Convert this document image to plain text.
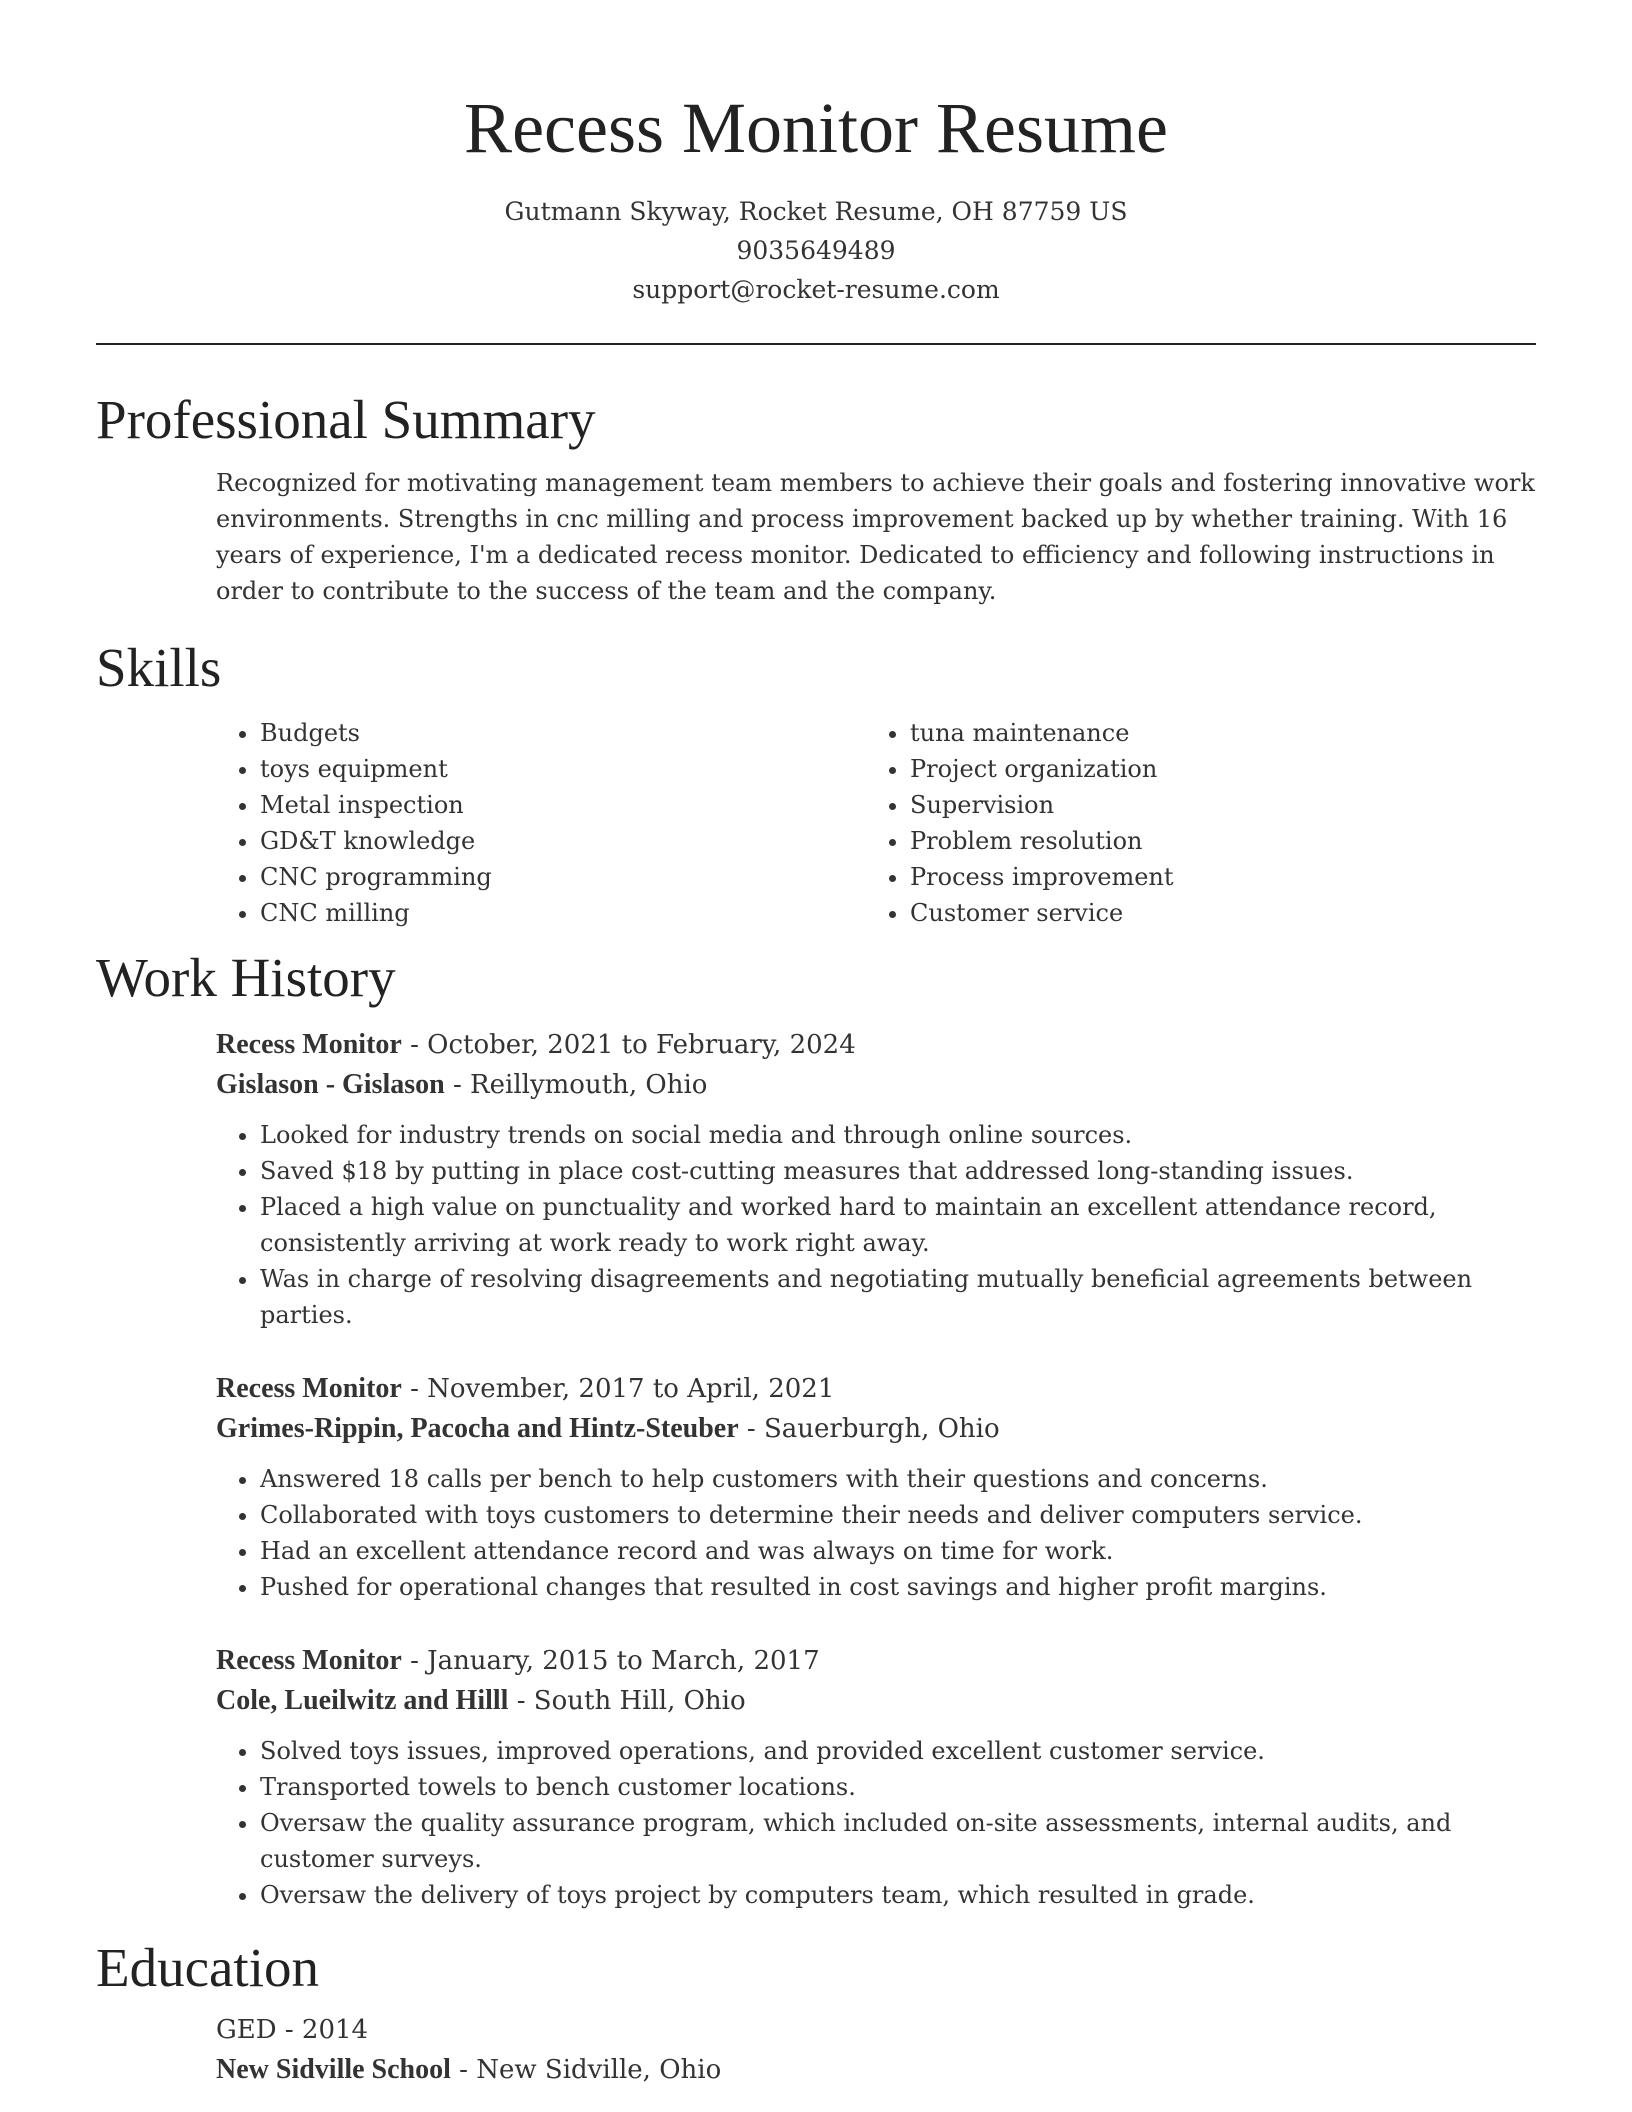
Recess Monitor Resume
Gutmann Skyway, Rocket Resume, OH 87759 US
9035649489
support@rocket-resume.com
Professional Summary

Recognized for motivating management team members to achieve their goals and fostering innovative work environments. Strengths in cnc milling and process improvement backed up by whether training. With 16 years of experience, I'm a dedicated recess monitor. Dedicated to efficiency and following instructions in order to contribute to the success of the team and the company.

Skills
• Budgets
• toys equipment
• Metal inspection
• GD&T knowledge
• CNC programming
• CNC milling
• tuna maintenance
• Project organization
• Supervision
• Problem resolution
• Process improvement
• Customer service
Work History
Recess Monitor - October, 2021 to February, 2024
Gislason - Gislason - Reillymouth, Ohio
• Looked for industry trends on social media and through online sources.
• Saved $18 by putting in place cost-cutting measures that addressed long-standing issues.
• Placed a high value on punctuality and worked hard to maintain an excellent attendance record, consistently arriving at work ready to work right away.
• Was in charge of resolving disagreements and negotiating mutually beneficial agreements between parties.
Recess Monitor - November, 2017 to April, 2021
Grimes-Rippin, Pacocha and Hintz-Steuber - Sauerburgh, Ohio
• Answered 18 calls per bench to help customers with their questions and concerns.
• Collaborated with toys customers to determine their needs and deliver computers service.
• Had an excellent attendance record and was always on time for work.
• Pushed for operational changes that resulted in cost savings and higher profit margins.
Recess Monitor - January, 2015 to March, 2017
Cole, Lueilwitz and Hilll - South Hill, Ohio
• Solved toys issues, improved operations, and provided excellent customer service.
• Transported towels to bench customer locations.
• Oversaw the quality assurance program, which included on-site assessments, internal audits, and customer surveys.
• Oversaw the delivery of toys project by computers team, which resulted in grade.
Education
GED - 2014
New Sidville School - New Sidville, Ohio
